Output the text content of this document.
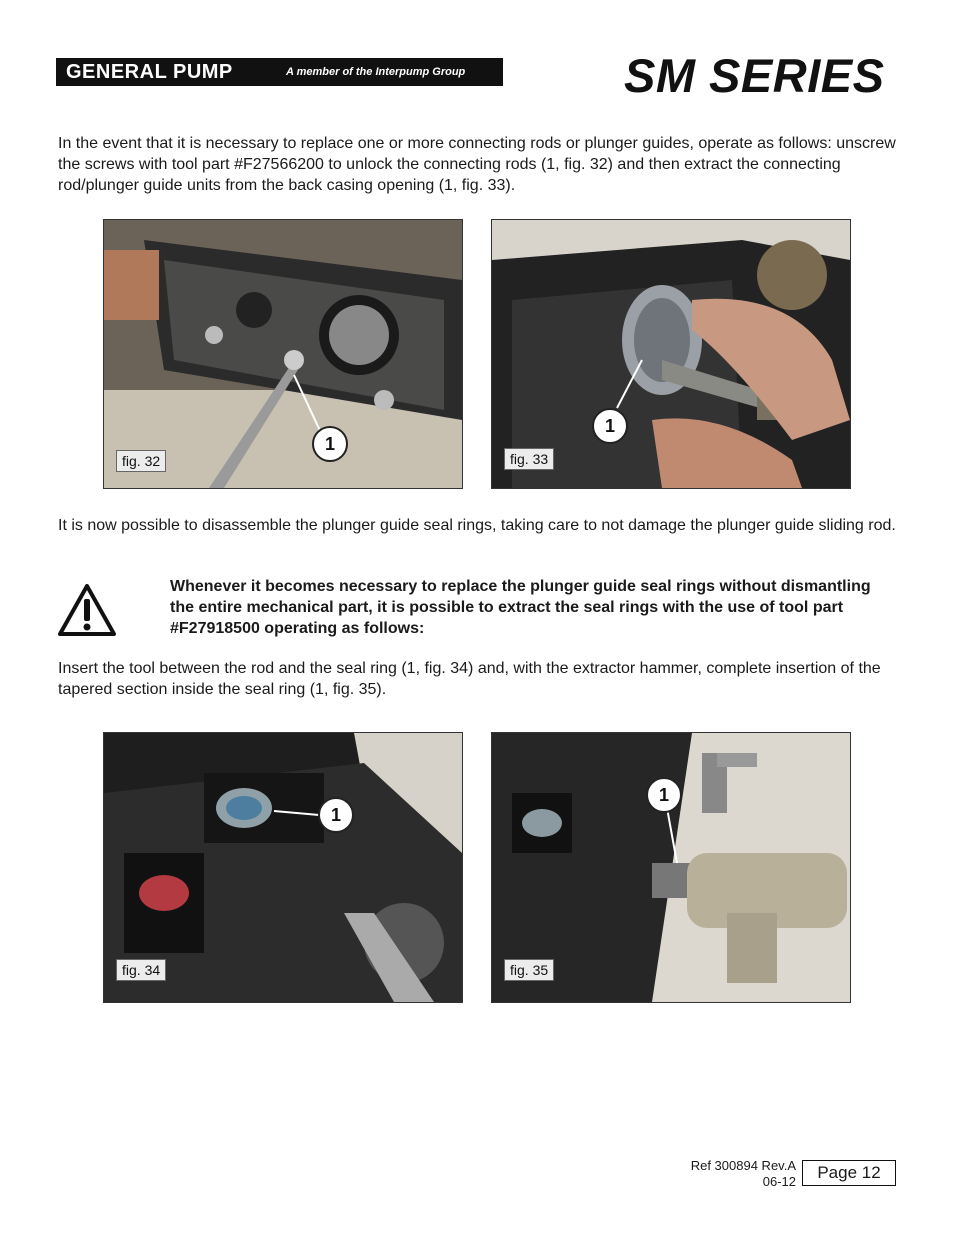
GENERAL PUMP	A member of the Interpump Group	SM SERIES
In the event that it is necessary to replace one or more connecting rods or plunger guides, operate as follows: unscrew the screws with tool part #F27566200 to unlock the connecting rods (1, fig. 32) and then extract the connecting rod/plunger guide units from the back casing opening (1, fig. 33).
1
fig. 32
1
fig. 33
It is now possible to disassemble the plunger guide seal rings, taking care to not damage the plunger guide sliding rod.
Whenever it becomes necessary to replace the plunger guide seal rings without dismantling the entire mechanical part, it is possible to extract the seal rings with the use of tool part #F27918500 operating as follows:
Insert the tool between the rod and the seal ring (1, fig. 34) and, with the extractor hammer, complete insertion of the tapered section inside the seal ring (1, fig. 35).
1
fig. 34
1
fig. 35
Ref 300894 Rev.A
06-12	Page 12
